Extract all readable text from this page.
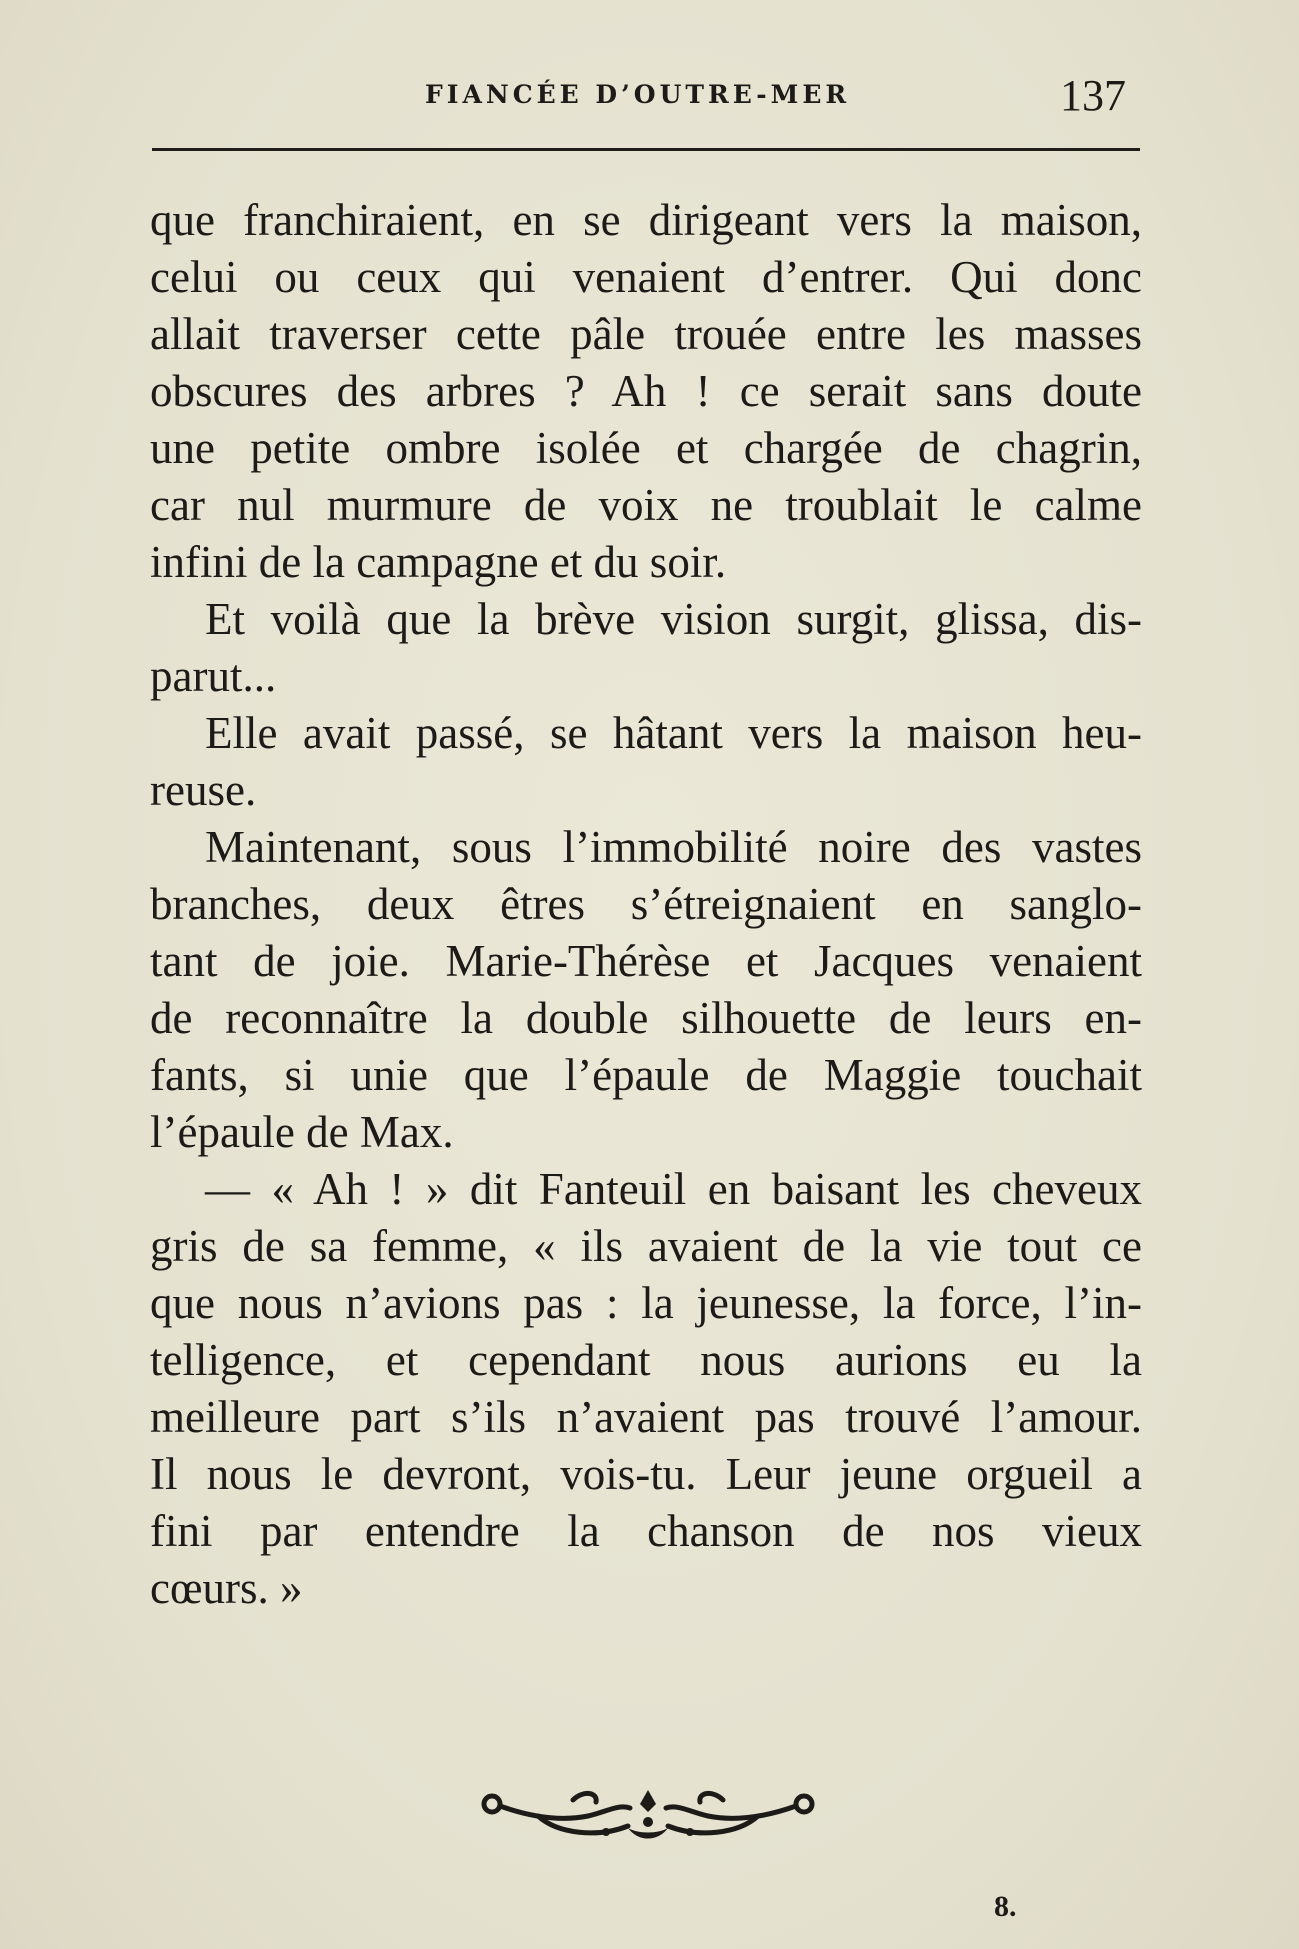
FIANCÉE D’OUTRE-MER	137
que franchiraient, en se dirigeant vers la maison,
celui ou ceux qui venaient d’entrer. Qui donc
allait traverser cette pâle trouée entre les masses
obscures des arbres ? Ah ! ce serait sans doute
une petite ombre isolée et chargée de chagrin,
car nul murmure de voix ne troublait le calme
infini de la campagne et du soir.
Et voilà que la brève vision surgit, glissa, dis-
parut...
Elle avait passé, se hâtant vers la maison heu-
reuse.
Maintenant, sous l’immobilité noire des vastes
branches, deux êtres s’étreignaient en sanglo-
tant de joie. Marie-Thérèse et Jacques venaient
de reconnaître la double silhouette de leurs en-
fants, si unie que l’épaule de Maggie touchait
l’épaule de Max.
— « Ah ! » dit Fanteuil en baisant les cheveux
gris de sa femme, « ils avaient de la vie tout ce
que nous n’avions pas : la jeunesse, la force, l’in-
telligence, et cependant nous aurions eu la
meilleure part s’ils n’avaient pas trouvé l’amour.
Il nous le devront, vois-tu. Leur jeune orgueil a
fini par entendre la chanson de nos vieux
cœurs. »
8.
